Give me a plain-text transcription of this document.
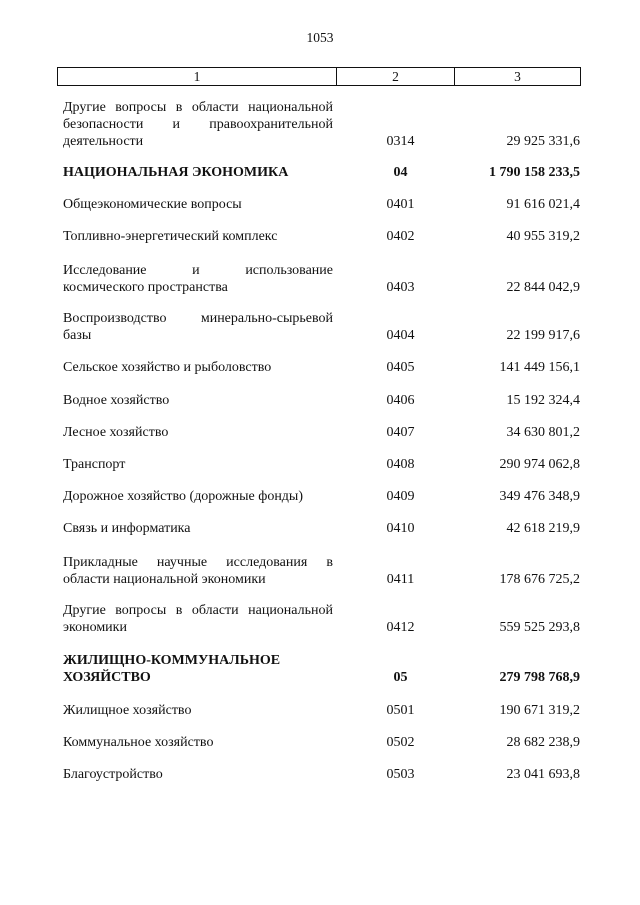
1053
1	2	3
Другие вопросы в области национальной безопасности и правоохранительной деятельности	0314	29 925 331,6
НАЦИОНАЛЬНАЯ ЭКОНОМИКА	04	1 790 158 233,5
Общеэкономические вопросы	0401	91 616 021,4
Топливно-энергетический комплекс	0402	40 955 319,2
Исследование и использование космического пространства	0403	22 844 042,9
Воспроизводство минерально-сырьевой базы	0404	22 199 917,6
Сельское хозяйство и рыболовство	0405	141 449 156,1
Водное хозяйство	0406	15 192 324,4
Лесное хозяйство	0407	34 630 801,2
Транспорт	0408	290 974 062,8
Дорожное хозяйство (дорожные фонды)	0409	349 476 348,9
Связь и информатика	0410	42 618 219,9
Прикладные научные исследования в области национальной экономики	0411	178 676 725,2
Другие вопросы в области национальной экономики	0412	559 525 293,8
ЖИЛИЩНО-КОММУНАЛЬНОЕ ХОЗЯЙСТВО	05	279 798 768,9
Жилищное хозяйство	0501	190 671 319,2
Коммунальное хозяйство	0502	28 682 238,9
Благоустройство	0503	23 041 693,8
